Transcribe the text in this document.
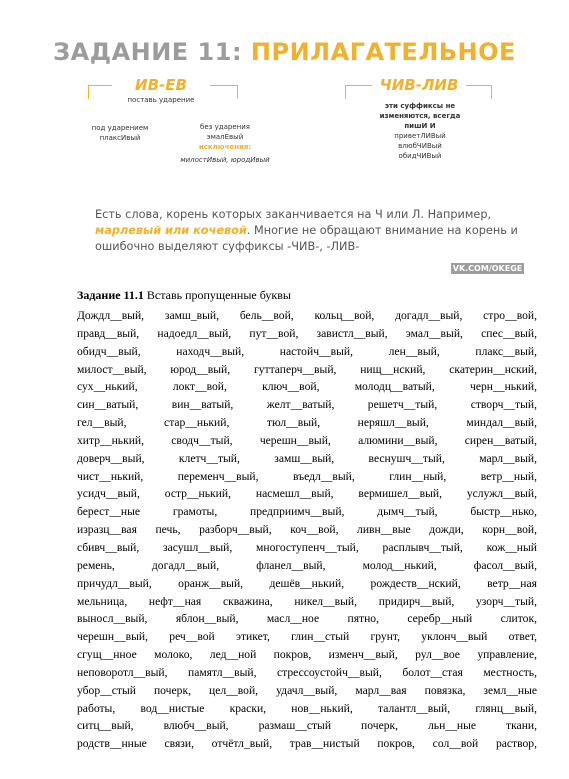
ЗАДАНИЕ 11: ПРИЛАГАТЕЛЬНОЕ
ИВ-ЕВ
поставь ударение
под ударением
плаксИвый
без ударения
эмалЕвый
исключения:
милостИвый, юродИвый
ЧИВ-ЛИВ
эти суффиксы не
изменяются, всегда
пишИ И
приветЛИВый
влюбЧИВый
обидЧИВый
Есть слова, корень которых заканчивается на Ч или Л. Например, марлевый или кочевой. Многие не обращают внимание на корень и ошибочно выделяют суффиксы -ЧИВ-, -ЛИВ-
VK.COM/OKEGE
Задание 11.1 Вставь пропущенные буквы
Дождл__вый, замш_вый, бель__вой, кольц__вой, догадл__вый, стро__вой,
правд__вый, надоедл__вый, пут__вой, завистл__вый, эмал__вый, спес__вый,
обидч__вый, находч__вый, настойч__вый, лен__вый, плакс__вый,
милост__вый, юрод__вый, гуттаперч__вый, нищ__нский, скатерин__нский,
сух__нький, локт__вой, ключ__вой, молодц__ватый, черн__нький,
син__ватый, вин__ватый, желт__ватый, решетч__тый, створч__тый,
гел__вый, стар__нький, тюл__вый, неряшл__вый, миндал__вый,
хитр__нький, сводч__тый, черешн__вый, алюмини__вый, сирен__ватый,
доверч__вый, клетч__тый, замш__вый, веснушч__тый, марл__вый,
чист__нький, переменч__вый, въедл__вый, глин__ный, ветр__ный,
усидч__вый, остр__нький, насмешл__вый, вермишел__вый, услужл__вый,
берест__ные грамоты, предприимч__вый, дымч__тый, быстр__нько,
изразц__вая печь, разборч__вый, коч__вой, ливн__вые дожди, корн__вой,
сбивч__вый, засушл__вый, многоступенч__тый, расплывч__тый, кож__ный
ремень, догадл__вый, фланел__вый, молод__нький, фасол__вый,
причудл__вый, оранж__вый, дешёв__нький, рождеств__нский, ветр__ная
мельница, нефт__ная скважина, никел__вый, придирч__вый, узорч__тый,
выносл__вый, яблон__вый, масл__ное пятно, серебр__ный слиток,
черешн__вый, реч__вой этикет, глин__стый грунт, уклонч__вый ответ,
сгущ__нное молоко, лед__ной покров, изменч__вый, рул__вое управление,
неповоротл__вый, памятл__вый, стрессоустойч__вый, болот__стая местность,
убор__стый почерк, цел__вой, удачл__вый, марл__вая повязка, земл__ные
работы, вод__нистые краски, нов__нький, талантл__вый, глянц__вый,
ситц__вый, влюбч__вый, размаш__стый почерк, льн__ные ткани,
родств__нные связи, отчётл_вый, трав__нистый покров, сол__вой раствор,
